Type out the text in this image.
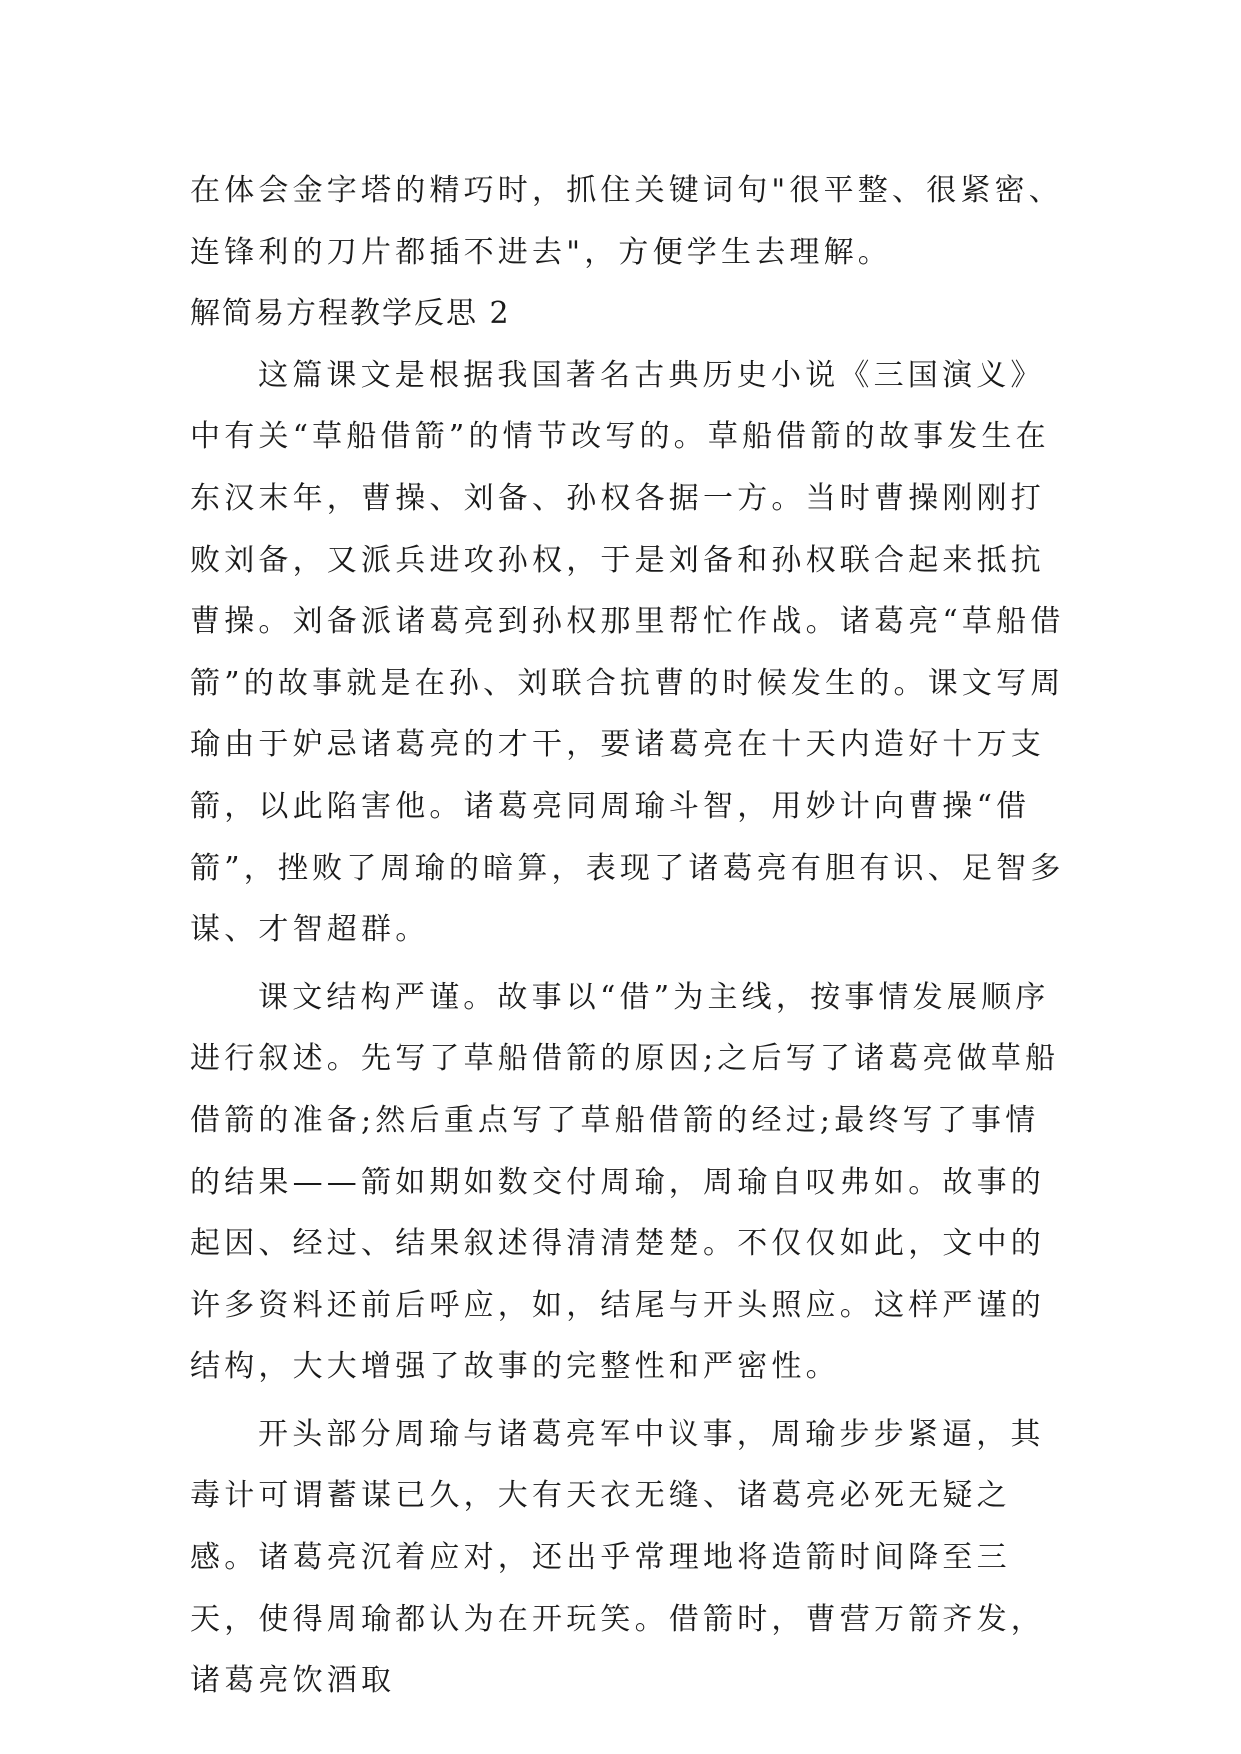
在体会金字塔的精巧时，抓住关键词句"很平整、很紧密、连锋利的刀片都插不进去"，方便学生去理解。

解简易方程教学反思 2

这篇课文是根据我国著名古典历史小说《三国演义》中有关“草船借箭”的情节改写的。草船借箭的故事发生在东汉末年，曹操、刘备、孙权各据一方。当时曹操刚刚打败刘备，又派兵进攻孙权，于是刘备和孙权联合起来抵抗曹操。刘备派诸葛亮到孙权那里帮忙作战。诸葛亮“草船借箭”的故事就是在孙、刘联合抗曹的时候发生的。课文写周瑜由于妒忌诸葛亮的才干，要诸葛亮在十天内造好十万支箭，以此陷害他。诸葛亮同周瑜斗智，用妙计向曹操“借箭”，挫败了周瑜的暗算，表现了诸葛亮有胆有识、足智多谋、才智超群。

课文结构严谨。故事以“借”为主线，按事情发展顺序进行叙述。先写了草船借箭的原因;之后写了诸葛亮做草船借箭的准备;然后重点写了草船借箭的经过;最终写了事情的结果——箭如期如数交付周瑜，周瑜自叹弗如。故事的起因、经过、结果叙述得清清楚楚。不仅仅如此，文中的许多资料还前后呼应，如，结尾与开头照应。这样严谨的结构，大大增强了故事的完整性和严密性。

开头部分周瑜与诸葛亮军中议事，周瑜步步紧逼，其毒计可谓蓄谋已久，大有天衣无缝、诸葛亮必死无疑之感。诸葛亮沉着应对，还出乎常理地将造箭时间降至三天，使得周瑜都认为在开玩笑。借箭时，曹营万箭齐发，诸葛亮饮酒取
